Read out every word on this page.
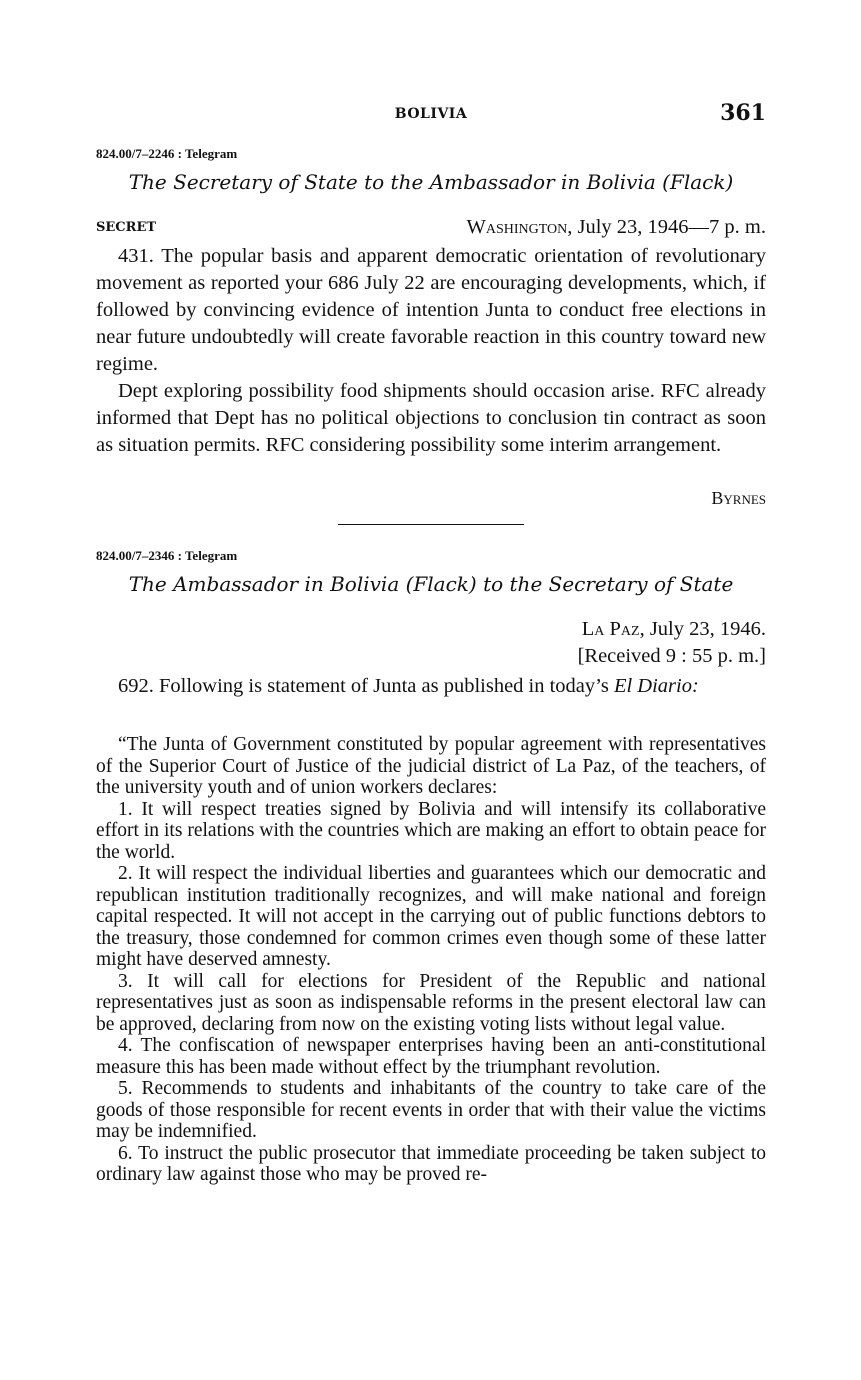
BOLIVIA	361
824.00/7–2246 : Telegram
The Secretary of State to the Ambassador in Bolivia (Flack)
SECRET	Washington, July 23, 1946—7 p. m.

431. The popular basis and apparent democratic orientation of revolutionary movement as reported your 686 July 22 are encouraging developments, which, if followed by convincing evidence of intention Junta to conduct free elections in near future undoubtedly will create favorable reaction in this country toward new regime.

Dept exploring possibility food shipments should occasion arise. RFC already informed that Dept has no political objections to conclusion tin contract as soon as situation permits. RFC considering possibility some interim arrangement.

Byrnes
824.00/7–2346 : Telegram
The Ambassador in Bolivia (Flack) to the Secretary of State
La Paz, July 23, 1946.
[Received 9 : 55 p. m.]

692. Following is statement of Junta as published in today’s El Diario:

“The Junta of Government constituted by popular agreement with representatives of the Superior Court of Justice of the judicial district of La Paz, of the teachers, of the university youth and of union workers declares:

1. It will respect treaties signed by Bolivia and will intensify its collaborative effort in its relations with the countries which are making an effort to obtain peace for the world.

2. It will respect the individual liberties and guarantees which our democratic and republican institution traditionally recognizes, and will make national and foreign capital respected. It will not accept in the carrying out of public functions debtors to the treasury, those condemned for common crimes even though some of these latter might have deserved amnesty.

3. It will call for elections for President of the Republic and national representatives just as soon as indispensable reforms in the present electoral law can be approved, declaring from now on the existing voting lists without legal value.

4. The confiscation of newspaper enterprises having been an anti-constitutional measure this has been made without effect by the triumphant revolution.

5. Recommends to students and inhabitants of the country to take care of the goods of those responsible for recent events in order that with their value the victims may be indemnified.

6. To instruct the public prosecutor that immediate proceeding be taken subject to ordinary law against those who may be proved re-
